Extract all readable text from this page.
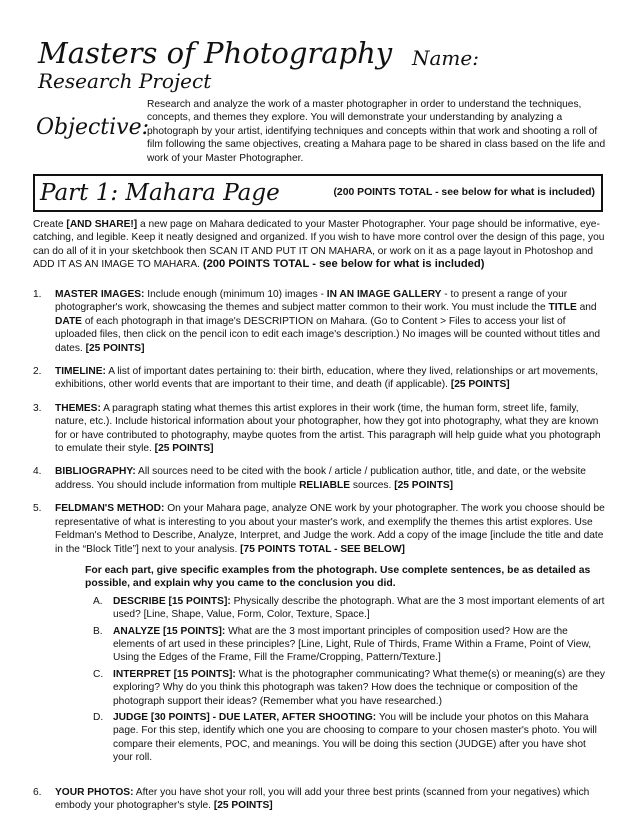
Masters of Photography
Research Project
Name:
Objective:
Research and analyze the work of a master photographer in order to understand the techniques, concepts, and themes they explore. You will demonstrate your understanding by analyzing a photograph by your artist, identifying techniques and concepts within that work and shooting a roll of film following the same objectives, creating a Mahara page to be shared in class based on the life and work of your Master Photographer.
Part 1: Mahara Page	(200 POINTS TOTAL - see below for what is included)
Create [AND SHARE!] a new page on Mahara dedicated to your Master Photographer. Your page should be informative, eye-catching, and legible. Keep it neatly designed and organized. If you wish to have more control over the design of this page, you can do all of it in your sketchbook then SCAN IT AND PUT IT ON MAHARA, or work on it as a page layout in Photoshop and ADD IT AS AN IMAGE TO MAHARA. (200 POINTS TOTAL - see below for what is included)
1. MASTER IMAGES: Include enough (minimum 10) images - IN AN IMAGE GALLERY - to present a range of your photographer's work, showcasing the themes and subject matter common to their work. You must include the TITLE and DATE of each photograph in that image's DESCRIPTION on Mahara. (Go to Content > Files to access your list of uploaded files, then click on the pencil icon to edit each image's description.) No images will be counted without titles and dates. [25 POINTS]
2. TIMELINE: A list of important dates pertaining to: their birth, education, where they lived, relationships or art movements, exhibitions, other world events that are important to their time, and death (if applicable). [25 POINTS]
3. THEMES: A paragraph stating what themes this artist explores in their work (time, the human form, street life, family, nature, etc.). Include historical information about your photographer, how they got into photography, what they are known for or have contributed to photography, maybe quotes from the artist. This paragraph will help guide what you photograph to emulate their style. [25 POINTS]
4. BIBLIOGRAPHY: All sources need to be cited with the book / article / publication author, title, and date, or the website address. You should include information from multiple RELIABLE sources. [25 POINTS]
5. FELDMAN'S METHOD: On your Mahara page, analyze ONE work by your photographer. The work you choose should be representative of what is interesting to you about your master's work, and exemplify the themes this artist explores. Use Feldman's Method to Describe, Analyze, Interpret, and Judge the work. Add a copy of the image [include the title and date in the “Block Title”] next to your analysis. [75 POINTS TOTAL - SEE BELOW]
For each part, give specific examples from the photograph. Use complete sentences, be as detailed as possible, and explain why you came to the conclusion you did.
A. DESCRIBE [15 POINTS]: Physically describe the photograph. What are the 3 most important elements of art used? [Line, Shape, Value, Form, Color, Texture, Space.]
B. ANALYZE [15 POINTS]: What are the 3 most important principles of composition used? How are the elements of art used in these principles? [Line, Light, Rule of Thirds, Frame Within a Frame, Point of View, Using the Edges of the Frame, Fill the Frame/Cropping, Pattern/Texture.]
C. INTERPRET [15 POINTS]: What is the photographer communicating? What theme(s) or meaning(s) are they exploring? Why do you think this photograph was taken? How does the technique or composition of the photograph support their ideas? (Remember what you have researched.)
D. JUDGE [30 POINTS] - DUE LATER, AFTER SHOOTING: You will be include your photos on this Mahara page. For this step, identify which one you are choosing to compare to your chosen master's photo. You will compare their elements, POC, and meanings. You will be doing this section (JUDGE) after you have shot your roll.
6. YOUR PHOTOS: After you have shot your roll, you will add your three best prints (scanned from your negatives) which embody your photographer's style. [25 POINTS]
